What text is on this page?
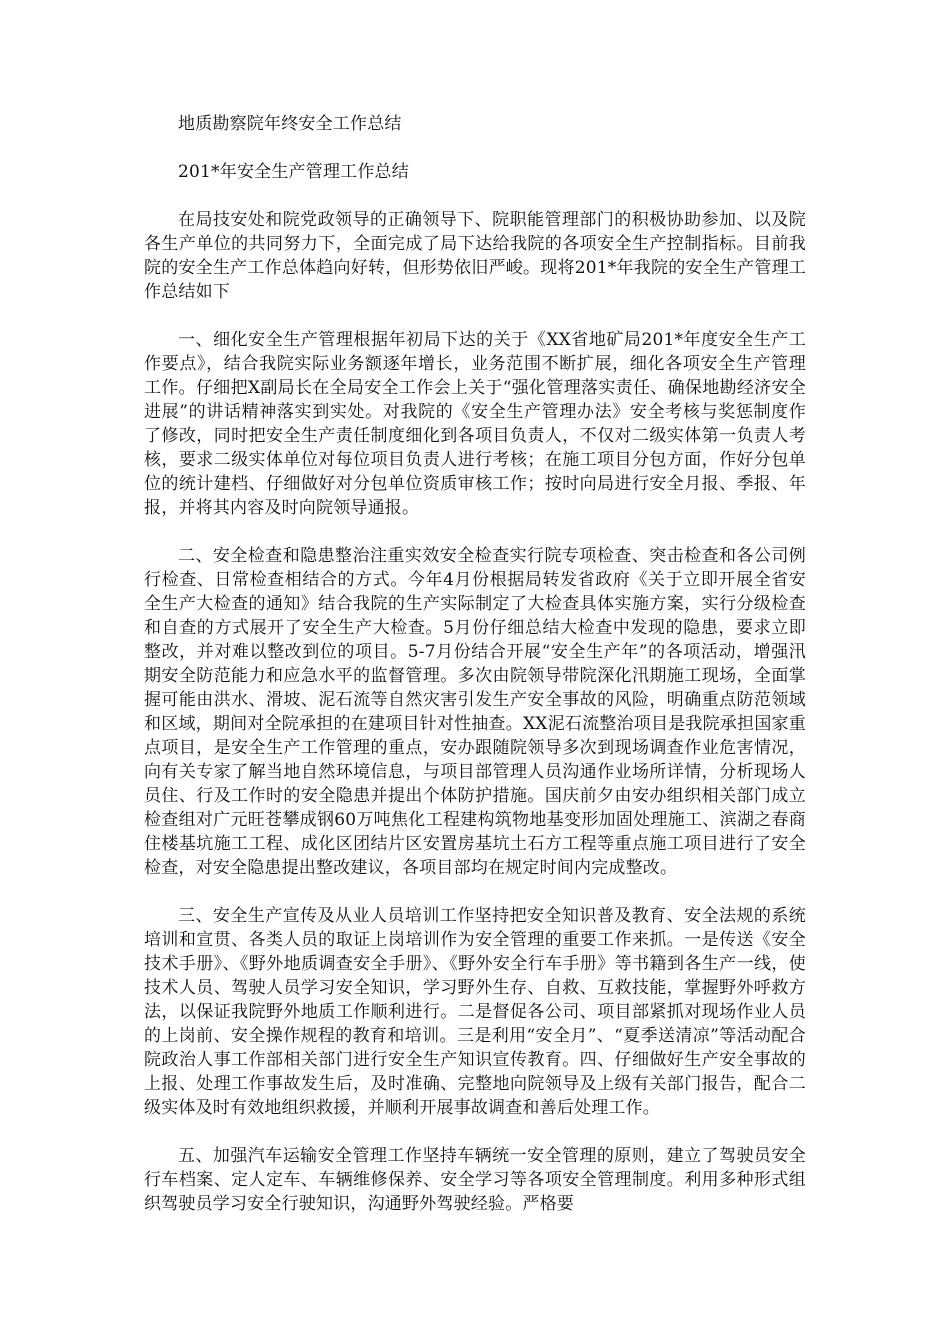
地质勘察院年终安全工作总结
201*年安全生产管理工作总结

在局技安处和院党政领导的正确领导下、院职能管理部门的积极协助参加、以及院各生产单位的共同努力下，全面完成了局下达给我院的各项安全生产控制指标。目前我院的安全生产工作总体趋向好转，但形势依旧严峻。现将201*年我院的安全生产管理工作总结如下

一、细化安全生产管理根据年初局下达的关于《XX省地矿局201*年度安全生产工作要点》，结合我院实际业务额逐年增长，业务范围不断扩展，细化各项安全生产管理工作。仔细把X副局长在全局安全工作会上关于“强化管理落实责任、确保地勘经济安全进展”的讲话精神落实到实处。对我院的《安全生产管理办法》安全考核与奖惩制度作了修改，同时把安全生产责任制度细化到各项目负责人，不仅对二级实体第一负责人考核，要求二级实体单位对每位项目负责人进行考核；在施工项目分包方面，作好分包单位的统计建档、仔细做好对分包单位资质审核工作；按时向局进行安全月报、季报、年报，并将其内容及时向院领导通报。

二、安全检查和隐患整治注重实效安全检查实行院专项检查、突击检查和各公司例行检查、日常检查相结合的方式。今年4月份根据局转发省政府《关于立即开展全省安全生产大检查的通知》结合我院的生产实际制定了大检查具体实施方案，实行分级检查和自查的方式展开了安全生产大检查。5月份仔细总结大检查中发现的隐患，要求立即整改，并对难以整改到位的项目。5-7月份结合开展“安全生产年”的各项活动，增强汛期安全防范能力和应急水平的监督管理。多次由院领导带院深化汛期施工现场，全面掌握可能由洪水、滑坡、泥石流等自然灾害引发生产安全事故的风险，明确重点防范领域和区域，期间对全院承担的在建项目针对性抽查。XX泥石流整治项目是我院承担国家重点项目，是安全生产工作管理的重点，安办跟随院领导多次到现场调查作业危害情况，向有关专家了解当地自然环境信息，与项目部管理人员沟通作业场所详情，分析现场人员住、行及工作时的安全隐患并提出个体防护措施。国庆前夕由安办组织相关部门成立检查组对广元旺苍攀成钢60万吨焦化工程建构筑物地基变形加固处理施工、滨湖之春商住楼基坑施工工程、成化区团结片区安置房基坑土石方工程等重点施工项目进行了安全检查，对安全隐患提出整改建议，各项目部均在规定时间内完成整改。

三、安全生产宣传及从业人员培训工作坚持把安全知识普及教育、安全法规的系统培训和宣贯、各类人员的取证上岗培训作为安全管理的重要工作来抓。一是传送《安全技术手册》、《野外地质调查安全手册》、《野外安全行车手册》等书籍到各生产一线，使技术人员、驾驶人员学习安全知识，学习野外生存、自救、互救技能，掌握野外呼救方法，以保证我院野外地质工作顺利进行。二是督促各公司、项目部紧抓对现场作业人员的上岗前、安全操作规程的教育和培训。三是利用“安全月”、“夏季送清凉”等活动配合院政治人事工作部相关部门进行安全生产知识宣传教育。四、仔细做好生产安全事故的上报、处理工作事故发生后，及时准确、完整地向院领导及上级有关部门报告，配合二级实体及时有效地组织救援，并顺利开展事故调查和善后处理工作。

五、加强汽车运输安全管理工作坚持车辆统一安全管理的原则，建立了驾驶员安全行车档案、定人定车、车辆维修保养、安全学习等各项安全管理制度。利用多种形式组织驾驶员学习安全行驶知识，沟通野外驾驶经验。严格要
